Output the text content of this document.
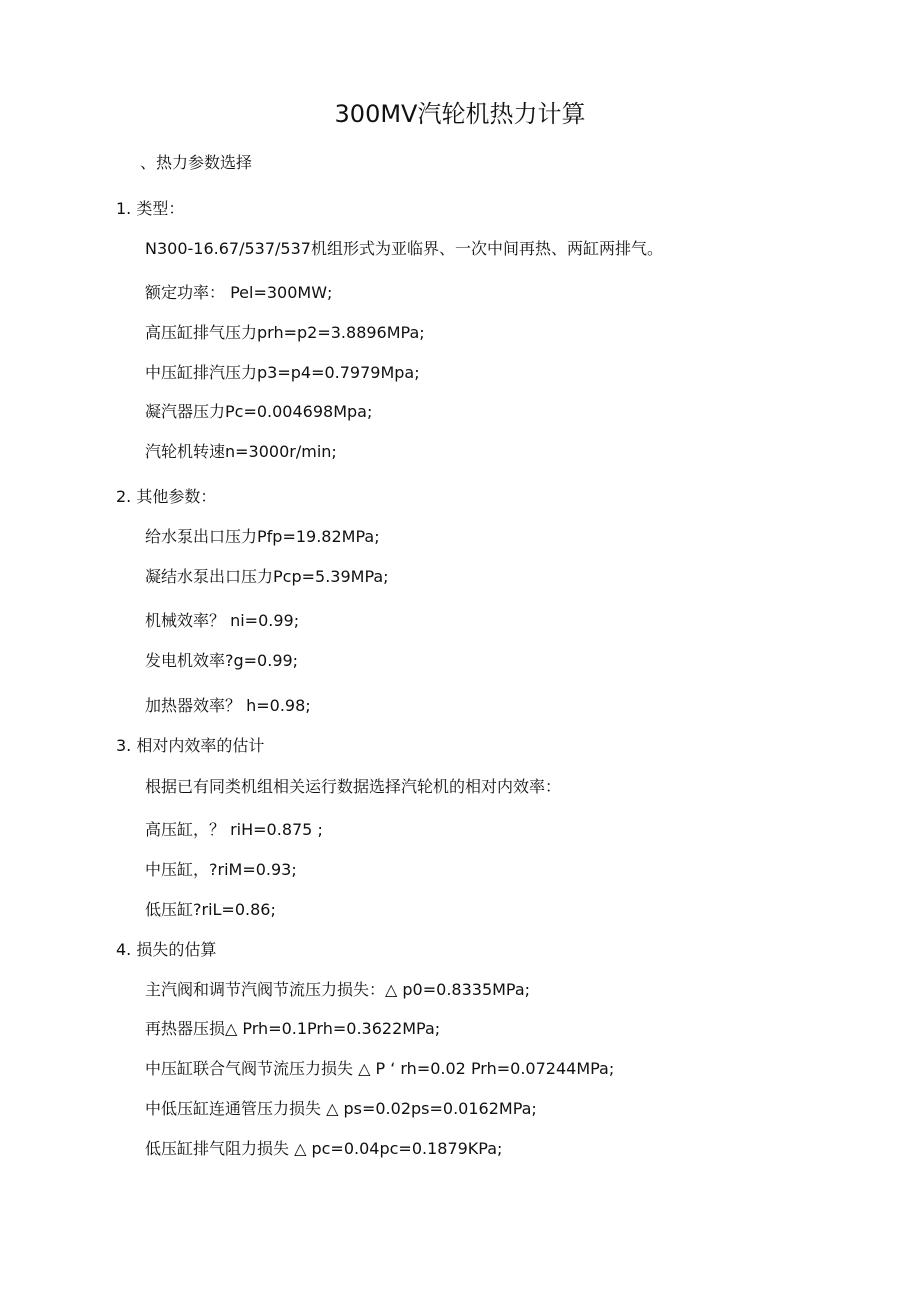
300MV汽轮机热力计算
、热力参数选择
1. 类型：
N300-16.67/537/537机组形式为亚临界、一次中间再热、两缸两排气。
额定功率： Pel=300MW;
高压缸排气压力prh=p2=3.8896MPa;
中压缸排汽压力p3=p4=0.7979Mpa;
凝汽器压力Pc=0.004698Mpa;
汽轮机转速n=3000r/min;
2. 其他参数：
给水泵出口压力Pfp=19.82MPa;
凝结水泵出口压力Pcp=5.39MPa;
机械效率？ ni=0.99;
发电机效率?g=0.99;
加热器效率？ h=0.98;
3. 相对内效率的估计
根据已有同类机组相关运行数据选择汽轮机的相对内效率：
高压缸，？ riH=0.875 ;
中压缸，?riM=0.93;
低压缸?riL=0.86;
4. 损失的估算
主汽阀和调节汽阀节流压力损失：△ p0=0.8335MPa;
再热器压损△ Prh=0.1Prh=0.3622MPa;
中压缸联合气阀节流压力损失 △ P ‘ rh=0.02 Prh=0.07244MPa;
中低压缸连通管压力损失 △ ps=0.02ps=0.0162MPa;
低压缸排气阻力损失 △ pc=0.04pc=0.1879KPa;
